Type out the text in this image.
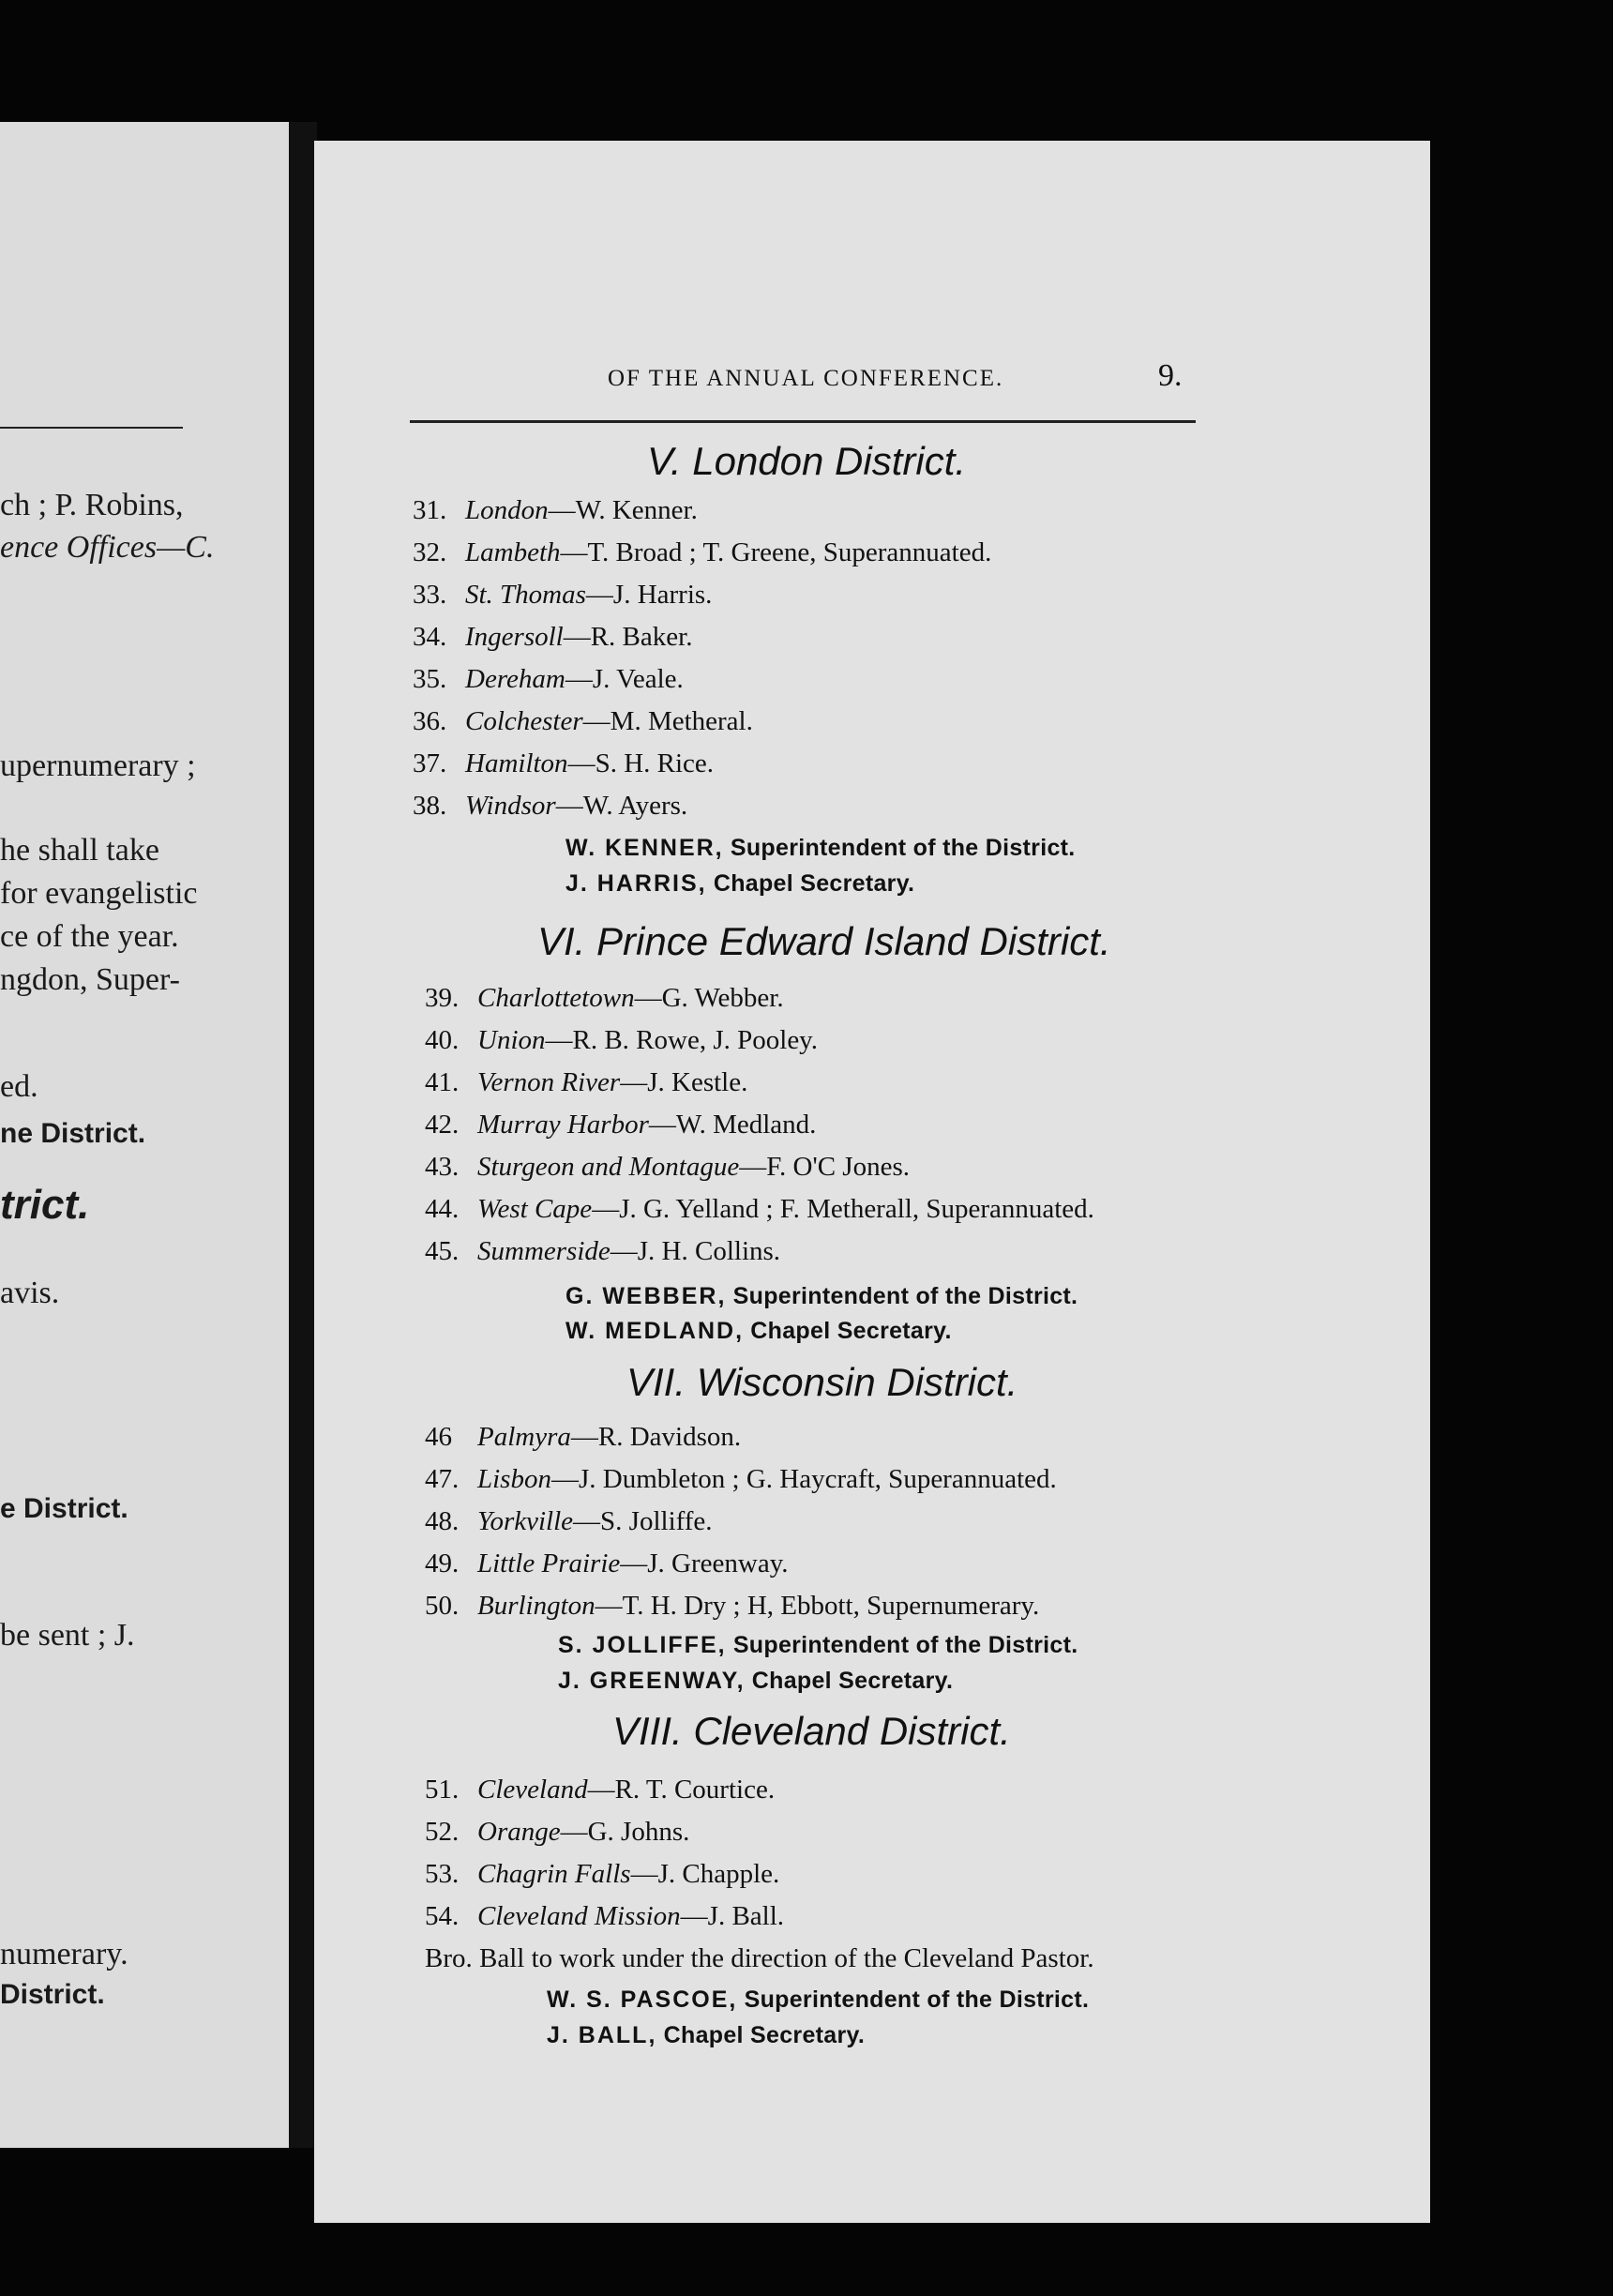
ch ; P. Robins,
ence Offices—C.
upernumerary ;
he shall take
for evangelistic
ce of the year.
ngdon, Super-
ed.
ne District.
trict.
avis.
e District.
be sent ; J.
numerary.
District.
OF THE ANNUAL CONFERENCE.	9.
V. London District.
31. London—W. Kenner.
32. Lambeth—T. Broad ; T. Greene, Superannuated.
33. St. Thomas—J. Harris.
34. Ingersoll—R. Baker.
35. Dereham—J. Veale.
36. Colchester—M. Metheral.
37. Hamilton—S. H. Rice.
38. Windsor—W. Ayers.
W. KENNER, Superintendent of the District.
J. HARRIS, Chapel Secretary.
VI. Prince Edward Island District.
39. Charlottetown—G. Webber.
40. Union—R. B. Rowe, J. Pooley.
41. Vernon River—J. Kestle.
42. Murray Harbor—W. Medland.
43. Sturgeon and Montague—F. O'C Jones.
44. West Cape—J. G. Yelland ; F. Metherall, Superannuated.
45. Summerside—J. H. Collins.
G. WEBBER, Superintendent of the District.
W. MEDLAND, Chapel Secretary.
VII. Wisconsin District.
46 Palmyra—R. Davidson.
47. Lisbon—J. Dumbleton ; G. Haycraft, Superannuated.
48. Yorkville—S. Jolliffe.
49. Little Prairie—J. Greenway.
50. Burlington—T. H. Dry ; H, Ebbott, Supernumerary.
S. JOLLIFFE, Superintendent of the District.
J. GREENWAY, Chapel Secretary.
VIII. Cleveland District.
51. Cleveland—R. T. Courtice.
52. Orange—G. Johns.
53. Chagrin Falls—J. Chapple.
54. Cleveland Mission—J. Ball.
Bro. Ball to work under the direction of the Cleveland Pastor.
W. S. PASCOE, Superintendent of the District.
J. BALL, Chapel Secretary.
